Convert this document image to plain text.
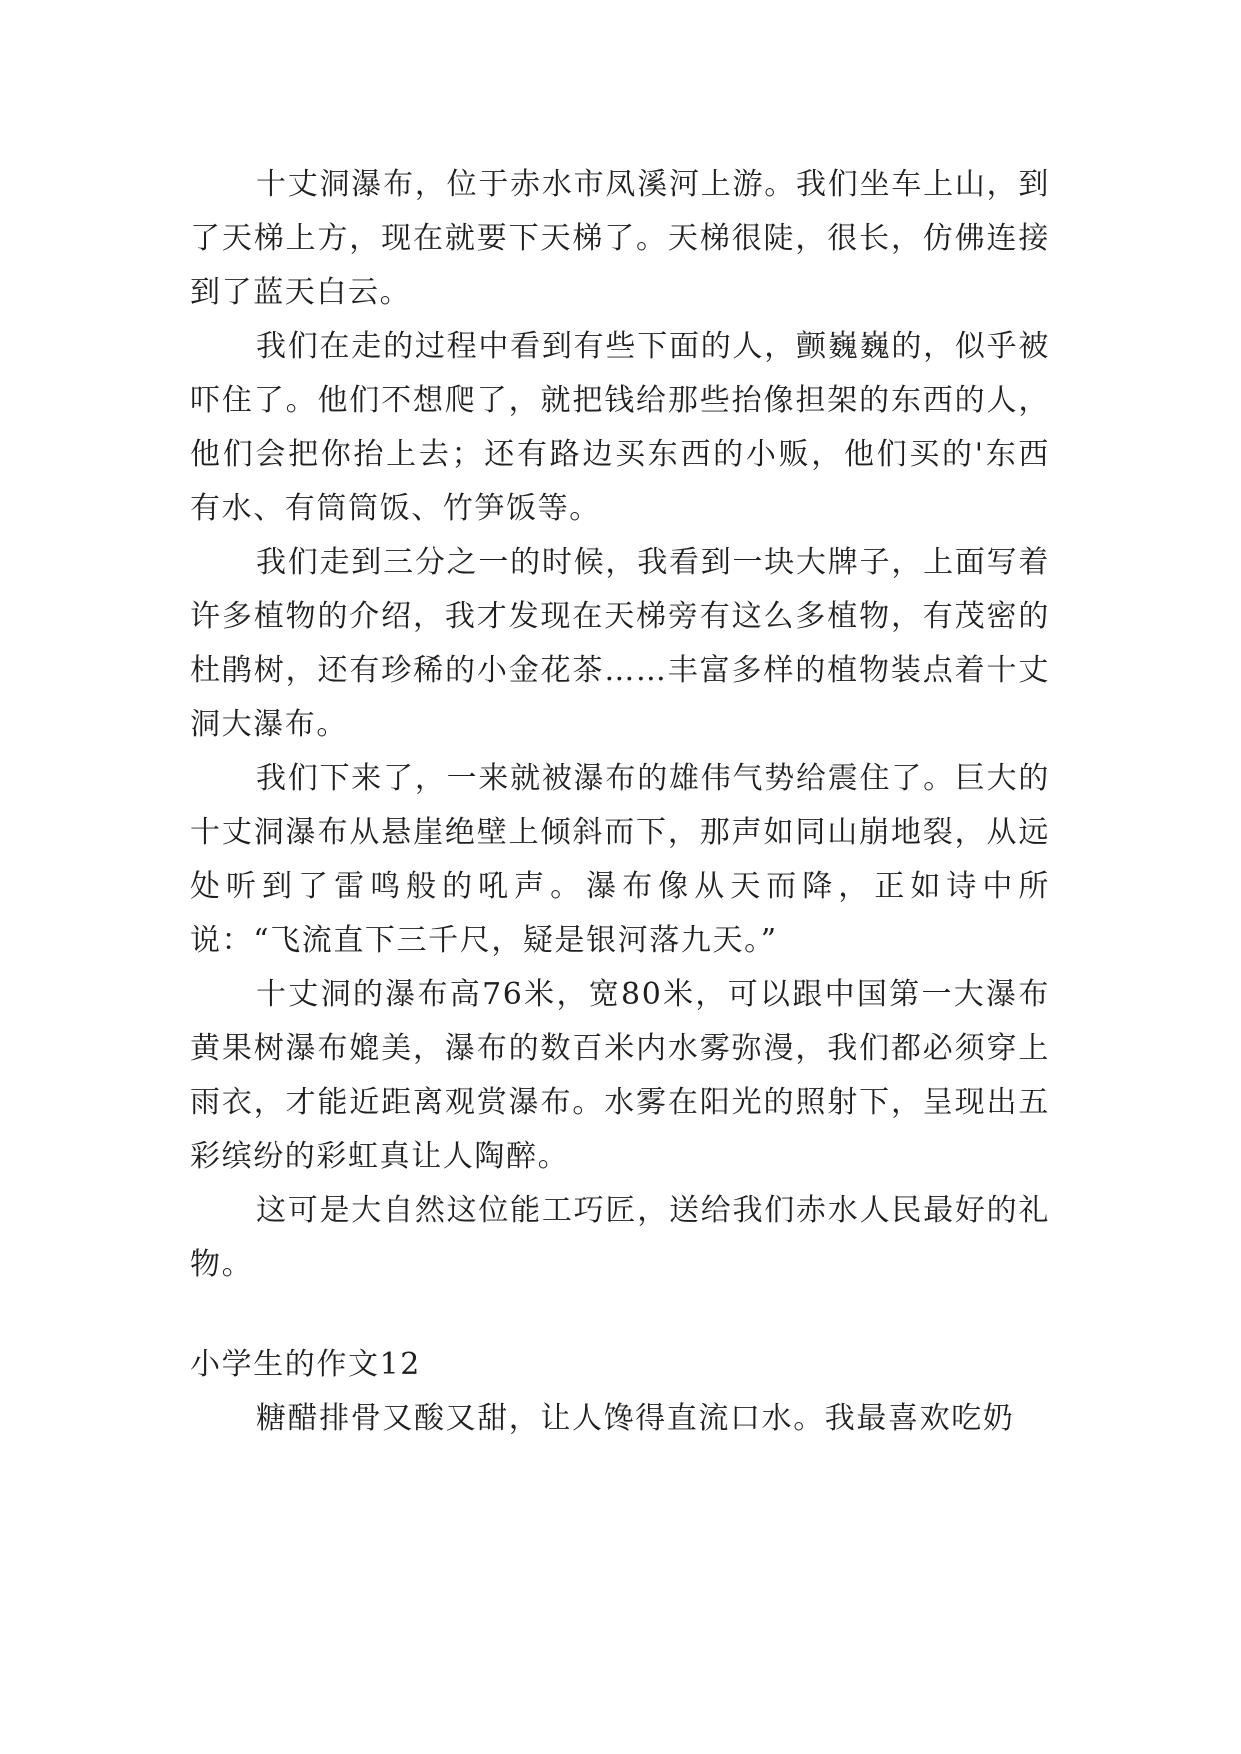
十丈洞瀑布，位于赤水市凤溪河上游。我们坐车上山，到了天梯上方，现在就要下天梯了。天梯很陡，很长，仿佛连接到了蓝天白云。

我们在走的过程中看到有些下面的人，颤巍巍的，似乎被吓住了。他们不想爬了，就把钱给那些抬像担架的东西的人，他们会把你抬上去；还有路边买东西的小贩，他们买的'东西有水、有筒筒饭、竹笋饭等。

我们走到三分之一的时候，我看到一块大牌子，上面写着许多植物的介绍，我才发现在天梯旁有这么多植物，有茂密的杜鹃树，还有珍稀的小金花茶……丰富多样的植物装点着十丈洞大瀑布。

我们下来了，一来就被瀑布的雄伟气势给震住了。巨大的十丈洞瀑布从悬崖绝壁上倾斜而下，那声如同山崩地裂，从远处听到了雷鸣般的吼声。瀑布像从天而降，正如诗中所说：“飞流直下三千尺，疑是银河落九天。”

十丈洞的瀑布高76米，宽80米，可以跟中国第一大瀑布黄果树瀑布媲美，瀑布的数百米内水雾弥漫，我们都必须穿上雨衣，才能近距离观赏瀑布。水雾在阳光的照射下，呈现出五彩缤纷的彩虹真让人陶醉。

这可是大自然这位能工巧匠，送给我们赤水人民最好的礼物。

小学生的作文12

糖醋排骨又酸又甜，让人馋得直流口水。我最喜欢吃奶
